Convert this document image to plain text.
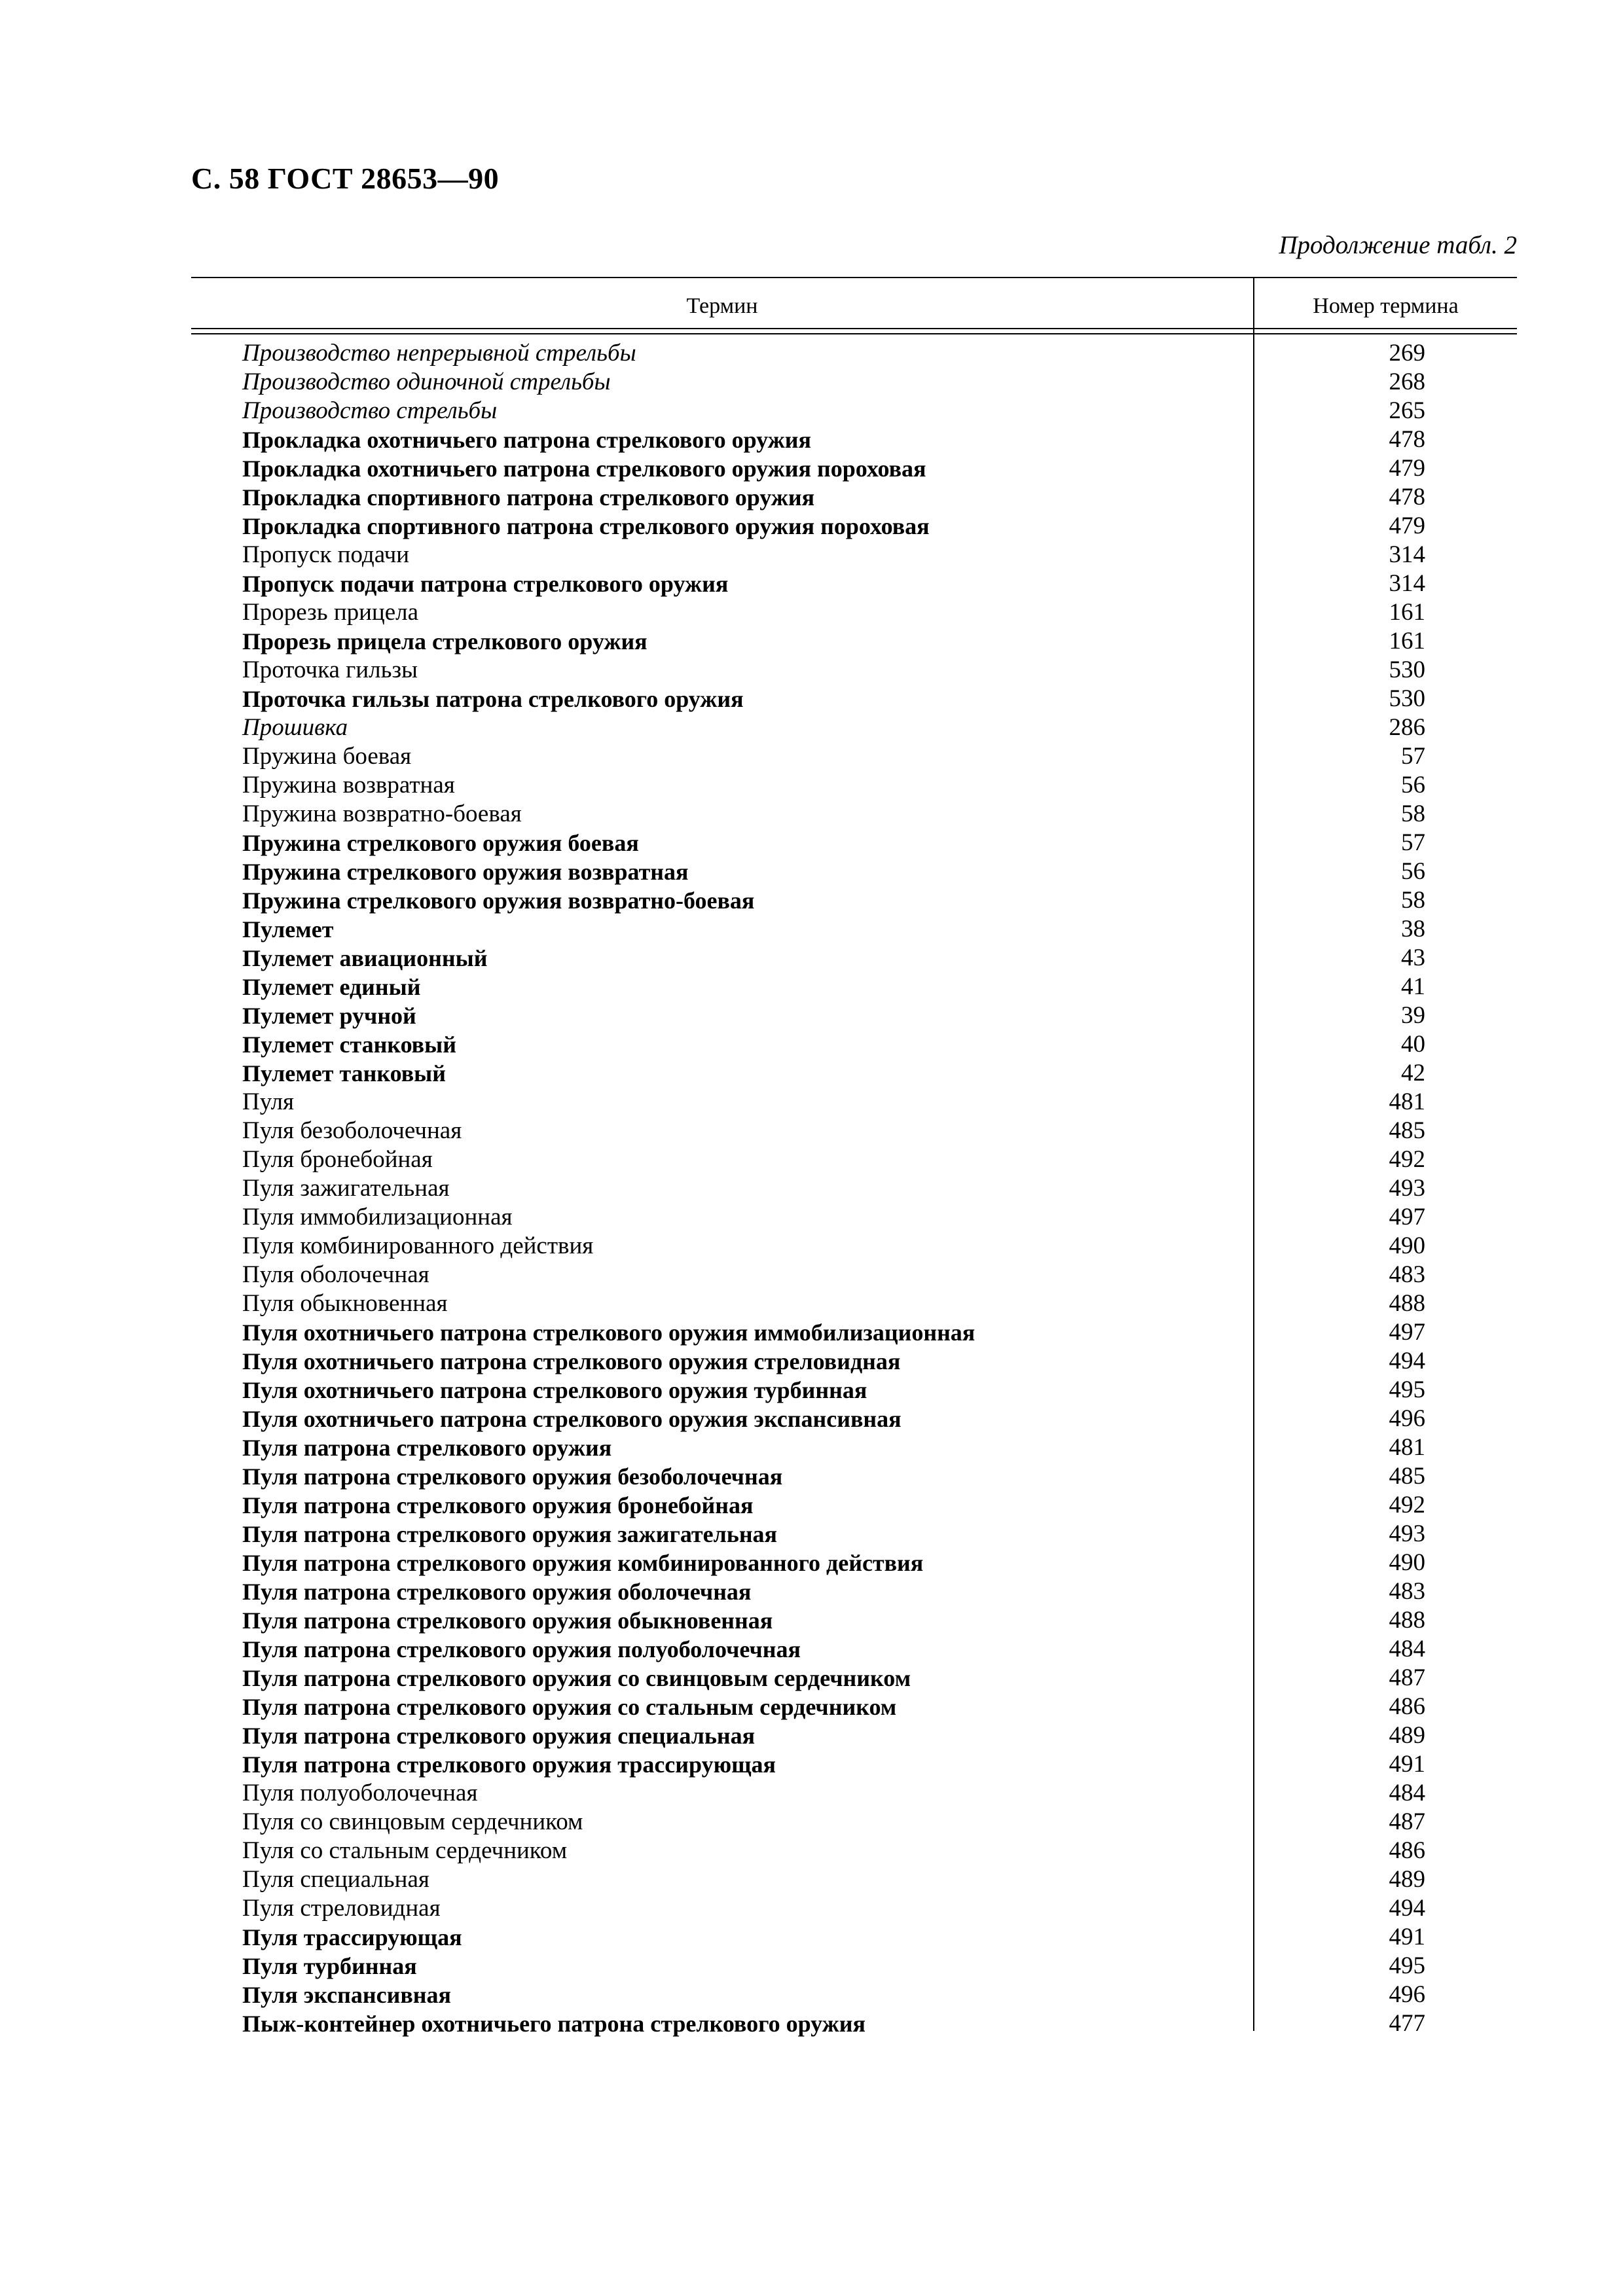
С. 58 ГОСТ 28653—90
Продолжение табл. 2
Термин	Номер термина
Производство непрерывной стрельбы	269
Производство одиночной стрельбы	268
Производство стрельбы	265
Прокладка охотничьего патрона стрелкового оружия	478
Прокладка охотничьего патрона стрелкового оружия пороховая	479
Прокладка спортивного патрона стрелкового оружия	478
Прокладка спортивного патрона стрелкового оружия пороховая	479
Пропуск подачи	314
Пропуск подачи патрона стрелкового оружия	314
Прорезь прицела	161
Прорезь прицела стрелкового оружия	161
Проточка гильзы	530
Проточка гильзы патрона стрелкового оружия	530
Прошивка	286
Пружина боевая	57
Пружина возвратная	56
Пружина возвратно-боевая	58
Пружина стрелкового оружия боевая	57
Пружина стрелкового оружия возвратная	56
Пружина стрелкового оружия возвратно-боевая	58
Пулемет	38
Пулемет авиационный	43
Пулемет единый	41
Пулемет ручной	39
Пулемет станковый	40
Пулемет танковый	42
Пуля	481
Пуля безоболочечная	485
Пуля бронебойная	492
Пуля зажигательная	493
Пуля иммобилизационная	497
Пуля комбинированного действия	490
Пуля оболочечная	483
Пуля обыкновенная	488
Пуля охотничьего патрона стрелкового оружия иммобилизационная	497
Пуля охотничьего патрона стрелкового оружия стреловидная	494
Пуля охотничьего патрона стрелкового оружия турбинная	495
Пуля охотничьего патрона стрелкового оружия экспансивная	496
Пуля патрона стрелкового оружия	481
Пуля патрона стрелкового оружия безоболочечная	485
Пуля патрона стрелкового оружия бронебойная	492
Пуля патрона стрелкового оружия зажигательная	493
Пуля патрона стрелкового оружия комбинированного действия	490
Пуля патрона стрелкового оружия оболочечная	483
Пуля патрона стрелкового оружия обыкновенная	488
Пуля патрона стрелкового оружия полуоболочечная	484
Пуля патрона стрелкового оружия со свинцовым сердечником	487
Пуля патрона стрелкового оружия со стальным сердечником	486
Пуля патрона стрелкового оружия специальная	489
Пуля патрона стрелкового оружия трассирующая	491
Пуля полуоболочечная	484
Пуля со свинцовым сердечником	487
Пуля со стальным сердечником	486
Пуля специальная	489
Пуля стреловидная	494
Пуля трассирующая	491
Пуля турбинная	495
Пуля экспансивная	496
Пыж-контейнер охотничьего патрона стрелкового оружия	477
